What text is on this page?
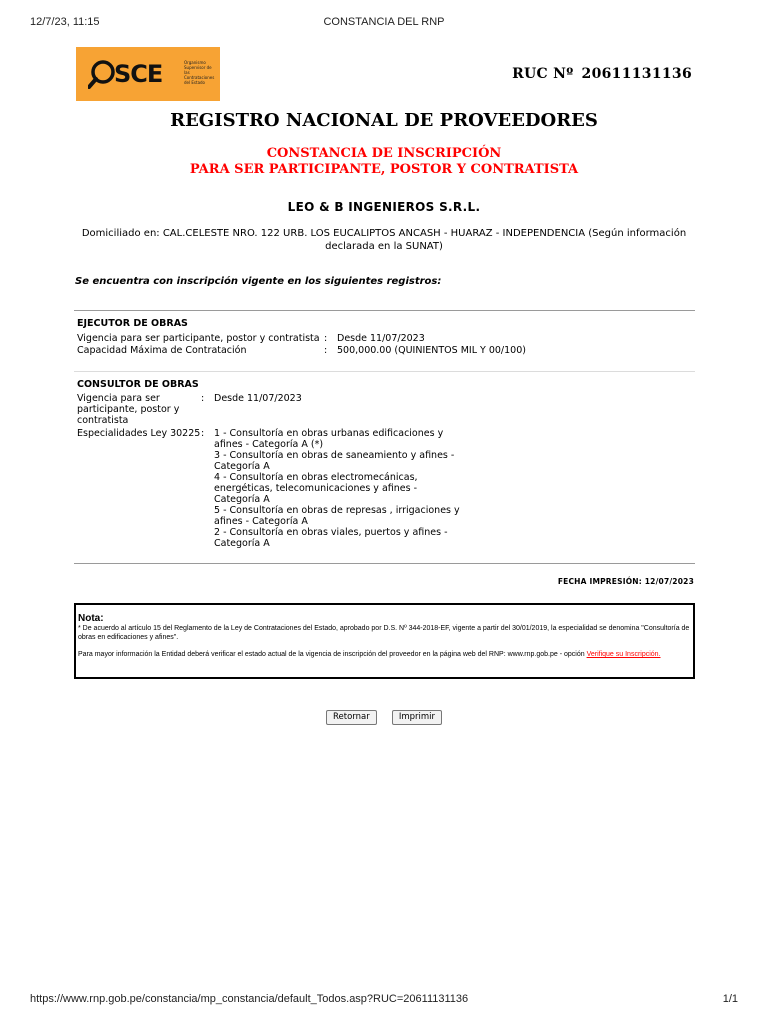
12/7/23, 11:15	CONSTANCIA DEL RNP
SCE	Organismo Supervisor de las Contrataciones del Estado
RUC Nº 20611131136
REGISTRO NACIONAL DE PROVEEDORES
CONSTANCIA DE INSCRIPCIÓN
PARA SER PARTICIPANTE, POSTOR Y CONTRATISTA
LEO & B INGENIEROS S.R.L.
Domiciliado en: CAL.CELESTE NRO. 122 URB. LOS EUCALIPTOS ANCASH - HUARAZ - INDEPENDENCIA (Según información declarada en la SUNAT)
Se encuentra con inscripción vigente en los siguientes registros:
EJECUTOR DE OBRAS
Vigencia para ser participante, postor y contratista : Desde 11/07/2023
Capacidad Máxima de Contratación	: 500,000.00 (QUINIENTOS MIL Y 00/100)
CONSULTOR DE OBRAS
Vigencia para ser participante, postor y contratista
: Desde 11/07/2023
Especialidades Ley 30225 : 1 - Consultoría en obras urbanas edificaciones y afines - Categoría A (*)
3 - Consultoría en obras de saneamiento y afines - Categoría A
4 - Consultoría en obras electromecánicas, energéticas, telecomunicaciones y afines - Categoría A
5 - Consultoría en obras de represas , irrigaciones y afines - Categoría A
2 - Consultoría en obras viales, puertos y afines - Categoría A
FECHA IMPRESIÓN: 12/07/2023
Nota:
* De acuerdo al artículo 15 del Reglamento de la Ley de Contrataciones del Estado, aprobado por D.S. Nº 344-2018-EF, vigente a partir del 30/01/2019, la especialidad se denomina "Consultoría de obras en edificaciones y afines".
Para mayor información la Entidad deberá verificar el estado actual de la vigencia de inscripción del proveedor en la página web del RNP: www.rnp.gob.pe - opción Verifique su Inscripción.
Retornar	Imprimir
https://www.rnp.gob.pe/constancia/mp_constancia/default_Todos.asp?RUC=20611131136	1/1
